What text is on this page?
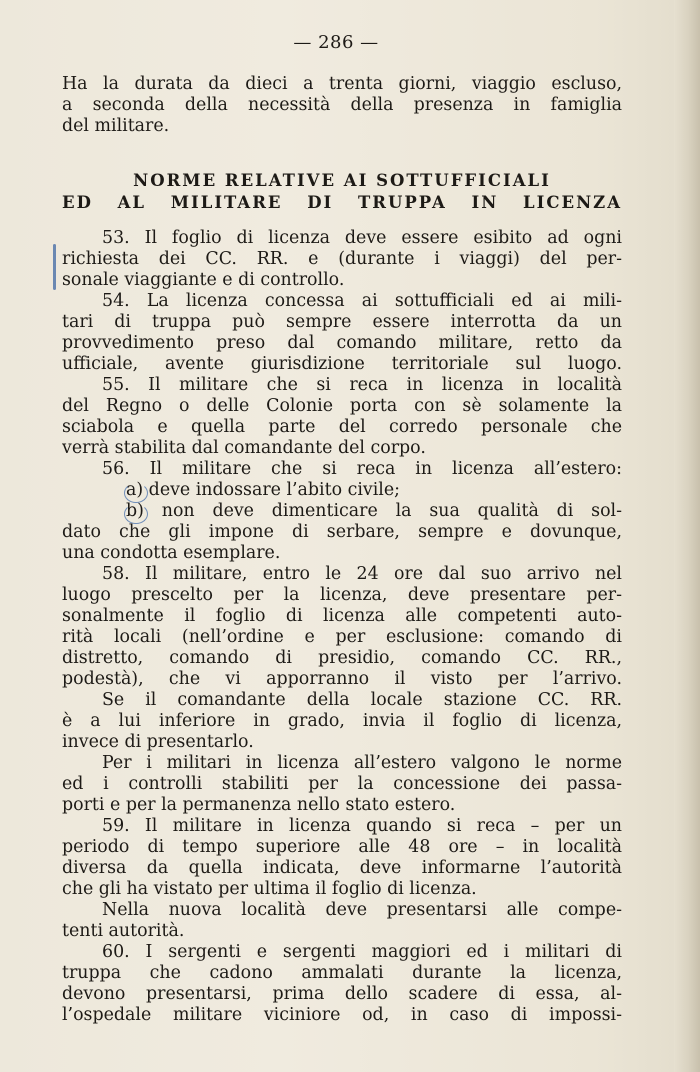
— 286 —
Ha la durata da dieci a trenta giorni, viaggio escluso,
a seconda della necessità della presenza in famiglia
del militare.
NORME RELATIVE AI SOTTUFFICIALI
ED AL MILITARE DI TRUPPA IN LICENZA
53. Il foglio di licenza deve essere esibito ad ogni
richiesta dei CC. RR. e (durante i viaggi) del per-
sonale viaggiante e di controllo.
54. La licenza concessa ai sottufficiali ed ai mili-
tari di truppa può sempre essere interrotta da un
provvedimento preso dal comando militare, retto da
ufficiale, avente giurisdizione territoriale sul luogo.
55. Il militare che si reca in licenza in località
del Regno o delle Colonie porta con sè solamente la
sciabola e quella parte del corredo personale che
verrà stabilita dal comandante del corpo.
56. Il militare che si reca in licenza all’estero:
a) deve indossare l’abito civile;
b) non deve dimenticare la sua qualità di sol-
dato che gli impone di serbare, sempre e dovunque,
una condotta esemplare.
58. Il militare, entro le 24 ore dal suo arrivo nel
luogo prescelto per la licenza, deve presentare per-
sonalmente il foglio di licenza alle competenti auto-
rità locali (nell’ordine e per esclusione: comando di
distretto, comando di presidio, comando CC. RR.,
podestà), che vi apporranno il visto per l’arrivo.
Se il comandante della locale stazione CC. RR.
è a lui inferiore in grado, invia il foglio di licenza,
invece di presentarlo.
Per i militari in licenza all’estero valgono le norme
ed i controlli stabiliti per la concessione dei passa-
porti e per la permanenza nello stato estero.
59. Il militare in licenza quando si reca – per un
periodo di tempo superiore alle 48 ore – in località
diversa da quella indicata, deve informarne l’autorità
che gli ha vistato per ultima il foglio di licenza.
Nella nuova località deve presentarsi alle compe-
tenti autorità.
60. I sergenti e sergenti maggiori ed i militari di
truppa che cadono ammalati durante la licenza,
devono presentarsi, prima dello scadere di essa, al-
l’ospedale militare viciniore od, in caso di impossi-
